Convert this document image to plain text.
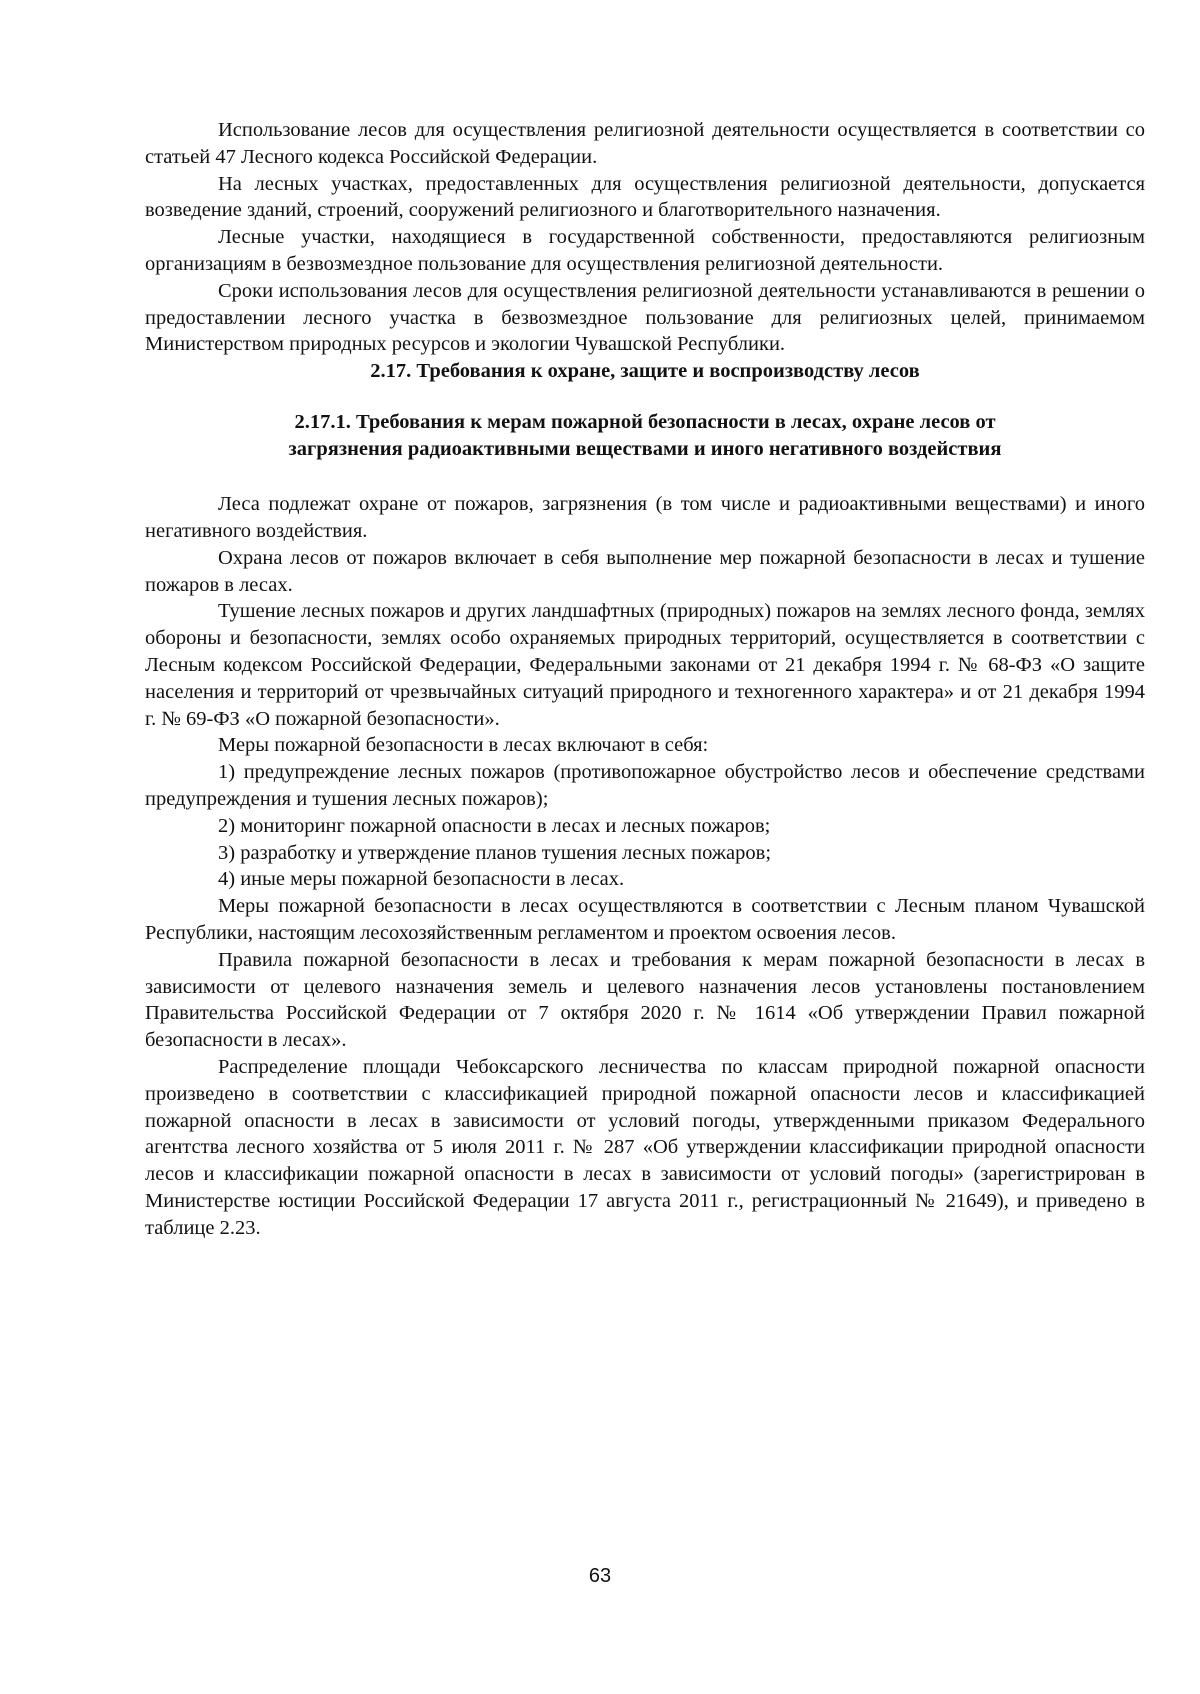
Использование лесов для осуществления религиозной деятельности осуществляется в соответствии со статьей 47 Лесного кодекса Российской Федерации.

На лесных участках, предоставленных для осуществления религиозной деятельности, допускается возведение зданий, строений, сооружений религиозного и благотворительного назначения.

Лесные участки, находящиеся в государственной собственности, предоставляются религиозным организациям в безвозмездное пользование для осуществления религиозной деятельности.

Сроки использования лесов для осуществления религиозной деятельности устанавливаются в решении о предоставлении лесного участка в безвозмездное пользование для религиозных целей, принимаемом Министерством природных ресурсов и экологии Чувашской Республики.

2.17. Требования к охране, защите и воспроизводству лесов
2.17.1. Требования к мерам пожарной безопасности в лесах, охране лесов от
загрязнения радиоактивными веществами и иного негативного воздействия

Леса подлежат охране от пожаров, загрязнения (в том числе и радиоактивными веществами) и иного негативного воздействия.

Охрана лесов от пожаров включает в себя выполнение мер пожарной безопасности в лесах и тушение пожаров в лесах.

Тушение лесных пожаров и других ландшафтных (природных) пожаров на землях лесного фонда, землях обороны и безопасности, землях особо охраняемых природных территорий, осуществляется в соответствии с Лесным кодексом Российской Федерации, Федеральными законами от 21 декабря 1994 г. № 68-ФЗ «О защите населения и территорий от чрезвычайных ситуаций природного и техногенного характера» и от 21 декабря 1994 г. № 69-ФЗ «О пожарной безопасности».

Меры пожарной безопасности в лесах включают в себя:

1) предупреждение лесных пожаров (противопожарное обустройство лесов и обеспечение средствами предупреждения и тушения лесных пожаров);

2) мониторинг пожарной опасности в лесах и лесных пожаров;

3) разработку и утверждение планов тушения лесных пожаров;

4) иные меры пожарной безопасности в лесах.

Меры пожарной безопасности в лесах осуществляются в соответствии с Лесным планом Чувашской Республики, настоящим лесохозяйственным регламентом и проектом освоения лесов.

Правила пожарной безопасности в лесах и требования к мерам пожарной безопасности в лесах в зависимости от целевого назначения земель и целевого назначения лесов установлены постановлением Правительства Российской Федерации от 7 октября 2020 г. № 1614 «Об утверждении Правил пожарной безопасности в лесах».

Распределение площади Чебоксарского лесничества по классам природной пожарной опасности произведено в соответствии с классификацией природной пожарной опасности лесов и классификацией пожарной опасности в лесах в зависимости от условий погоды, утвержденными приказом Федерального агентства лесного хозяйства от 5 июля 2011 г. № 287 «Об утверждении классификации природной опасности лесов и классификации пожарной опасности в лесах в зависимости от условий погоды» (зарегистрирован в Министерстве юстиции Российской Федерации 17 августа 2011 г., регистрационный № 21649), и приведено в таблице 2.23.

63
